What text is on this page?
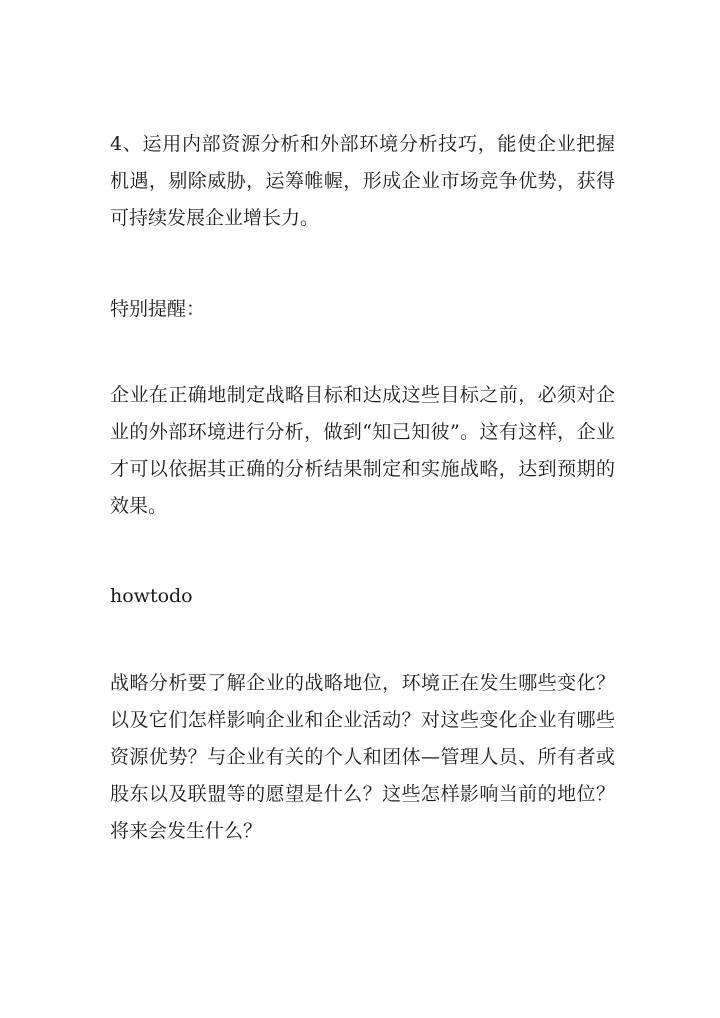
4、运用内部资源分析和外部环境分析技巧，能使企业把握机遇，剔除威胁，运筹帷幄，形成企业市场竞争优势，获得可持续发展企业增长力。

特别提醒：

企业在正确地制定战略目标和达成这些目标之前，必须对企业的外部环境进行分析，做到“知己知彼”。这有这样，企业才可以依据其正确的分析结果制定和实施战略，达到预期的效果。

howtodo

战略分析要了解企业的战略地位，环境正在发生哪些变化？以及它们怎样影响企业和企业活动？对这些变化企业有哪些资源优势？与企业有关的个人和团体—管理人员、所有者或股东以及联盟等的愿望是什么？这些怎样影响当前的地位？将来会发生什么？
